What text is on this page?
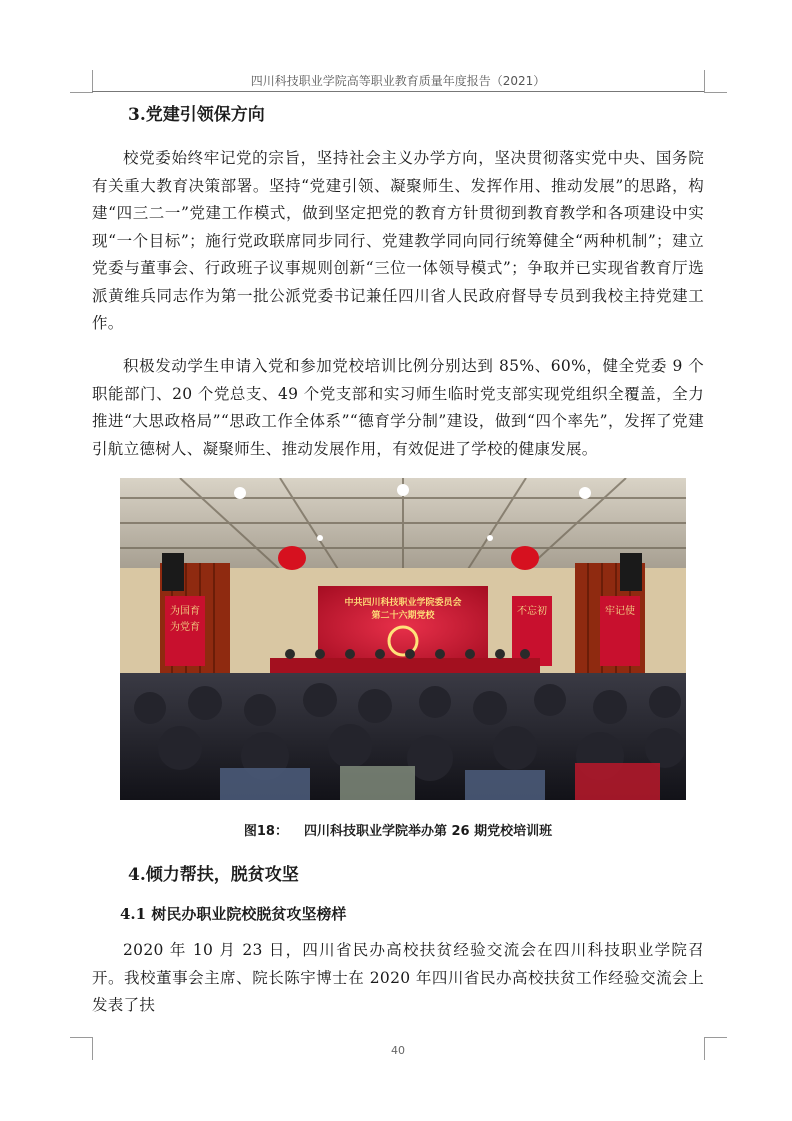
四川科技职业学院高等职业教育质量年度报告（2021）
3.党建引领保方向

校党委始终牢记党的宗旨，坚持社会主义办学方向，坚决贯彻落实党中央、国务院有关重大教育决策部署。坚持“党建引领、凝聚师生、发挥作用、推动发展”的思路，构建“四三二一”党建工作模式，做到坚定把党的教育方针贯彻到教育教学和各项建设中实现“一个目标”；施行党政联席同步同行、党建教学同向同行统筹健全“两种机制”；建立党委与董事会、行政班子议事规则创新“三位一体领导模式”；争取并已实现省教育厅选派黄维兵同志作为第一批公派党委书记兼任四川省人民政府督导专员到我校主持党建工作。

积极发动学生申请入党和参加党校培训比例分别达到 85%、60%，健全党委 9 个职能部门、20 个党总支、49 个党支部和实习师生临时党支部实现党组织全覆盖，全力推进“大思政格局”“思政工作全体系”“德育学分制”建设，做到“四个率先”，发挥了党建引航立德树人、凝聚师生、推动发展作用，有效促进了学校的健康发展。

为国育
为党育
不忘初	牢记使
中共四川科技职业学院委员会
第二十六期党校
图18： 四川科技职业学院举办第 26 期党校培训班
4.倾力帮扶，脱贫攻坚
4.1 树民办职业院校脱贫攻坚榜样

2020 年 10 月 23 日，四川省民办高校扶贫经验交流会在四川科技职业学院召开。我校董事会主席、院长陈宇博士在 2020 年四川省民办高校扶贫工作经验交流会上发表了扶

40
